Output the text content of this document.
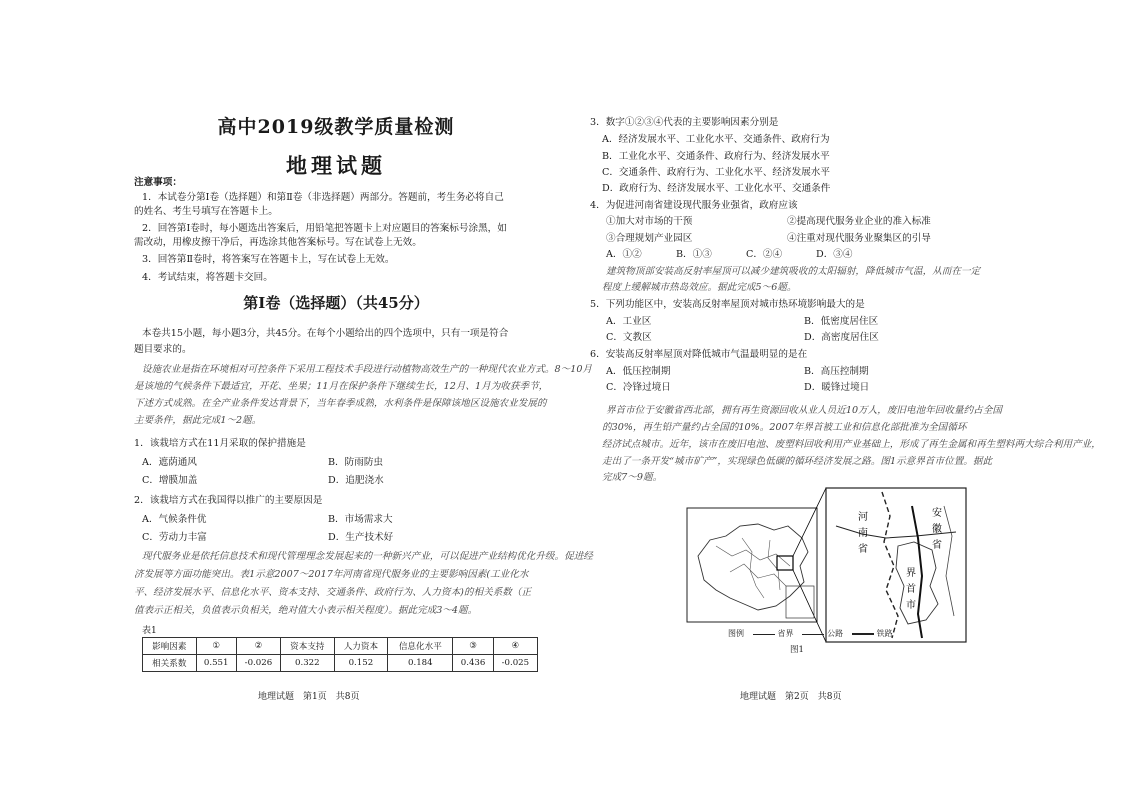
高中2019级教学质量检测
地理试题
注意事项：
1．本试卷分第Ⅰ卷（选择题）和第Ⅱ卷（非选择题）两部分。答题前，考生务必将自己
的姓名、考生号填写在答题卡上。
2．回答第Ⅰ卷时，每小题选出答案后，用铅笔把答题卡上对应题目的答案标号涂黑，如
需改动，用橡皮擦干净后，再选涂其他答案标号。写在试卷上无效。
3．回答第Ⅱ卷时，将答案写在答题卡上，写在试卷上无效。
4．考试结束，将答题卡交回。
第Ⅰ卷（选择题）（共45分）
本卷共15小题，每小题3分，共45分。在每个小题给出的四个选项中，只有一项是符合
题目要求的。
设施农业是指在环境相对可控条件下采用工程技术手段进行动植物高效生产的一种现代农业方式。8～10月
是该地的气候条件下最适宜，开花、坐果；11月在保护条件下继续生长，12月、1月为收获季节，
下述方式成熟。在全产业条件发达背景下，当年春季成熟，水利条件是保障该地区设施农业发展的
主要条件，据此完成1～2题。
1．该栽培方式在11月采取的保护措施是
A．遮荫通风	B．防雨防虫
C．增膜加盖	D．追肥浇水
2．该栽培方式在我国得以推广的主要原因是
A．气候条件优	B．市场需求大
C．劳动力丰富	D．生产技术好
现代服务业是依托信息技术和现代管理理念发展起来的一种新兴产业，可以促进产业结构优化升级。促进经
济发展等方面功能突出。表1示意2007～2017年河南省现代服务业的主要影响因素(工业化水
平、经济发展水平、信息化水平、资本支持、交通条件、政府行为、人力资本)的相关系数（正
值表示正相关，负值表示负相关，绝对值大小表示相关程度）。据此完成3～4题。
表1
影响因素	①	②	资本支持	人力资本	信息化水平	③	④
相关系数	0.551	-0.026	0.322	0.152	0.184	0.436	-0.025
地理试题　第1页　共8页
3．数字①②③④代表的主要影响因素分别是
A．经济发展水平、工业化水平、交通条件、政府行为
B．工业化水平、交通条件、政府行为、经济发展水平
C．交通条件、政府行为、工业化水平、经济发展水平
D．政府行为、经济发展水平、工业化水平、交通条件
4．为促进河南省建设现代服务业强省，政府应该
①加大对市场的干预	②提高现代服务业企业的准入标准
③合理规划产业园区	④注重对现代服务业聚集区的引导
A．①②	B．①③	C．②④	D．③④
建筑物顶部安装高反射率屋顶可以减少建筑吸收的太阳辐射，降低城市气温，从而在一定
程度上缓解城市热岛效应。据此完成5～6题。
5．下列功能区中，安装高反射率屋顶对城市热环境影响最大的是
A．工业区	B．低密度居住区
C．文教区	D．高密度居住区
6．安装高反射率屋顶对降低城市气温最明显的是在
A．低压控制期	B．高压控制期
C．冷锋过境日	D．暖锋过境日
界首市位于安徽省西北部，拥有再生资源回收从业人员近10万人，废旧电池年回收量约占全国
的30%，再生铅产量约占全国的10%。2007年界首被工业和信息化部批准为全国循环
经济试点城市。近年，该市在废旧电池、废塑料回收利用产业基础上，形成了再生金属和再生塑料两大综合利用产业，
走出了一条开发“城市矿产”，实现绿色低碳的循环经济发展之路。图1示意界首市位置。据此
完成7～9题。
河
南
省
安
徽
省
界
首
市
图例	省界	公路	铁路
图1
地理试题　第2页　共8页
